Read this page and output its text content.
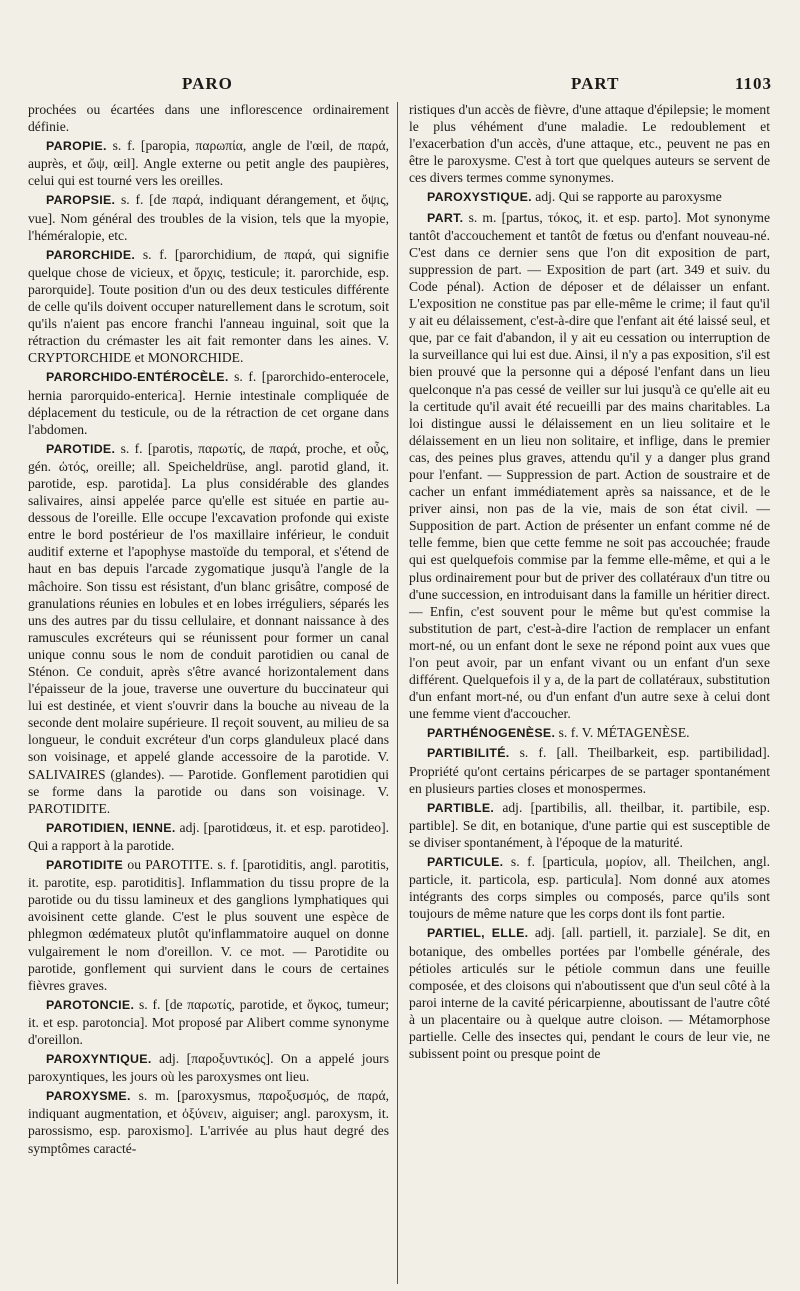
PARO	PART	1103

prochées ou écartées dans une inflorescence ordinairement définie.

PAROPIE. s. f. [paropia, παρωπία, angle de l'œil, de παρά, auprès, et ὤψ, œil]. Angle externe ou petit angle des paupières, celui qui est tourné vers les oreilles.

PAROPSIE. s. f. [de παρά, indiquant dérangement, et ὄψις, vue]. Nom général des troubles de la vision, tels que la myopie, l'héméralopie, etc.

PARORCHIDE. s. f. [parorchidium, de παρά, qui signifie quelque chose de vicieux, et ὄρχις, testicule; it. parorchide, esp. parorquide]. Toute position d'un ou des deux testicules différente de celle qu'ils doivent occuper naturellement dans le scrotum, soit qu'ils n'aient pas encore franchi l'anneau inguinal, soit que la rétraction du crémaster les ait fait remonter dans les aines. V. CRYPTORCHIDE et MONORCHIDE.

PARORCHIDO-ENTÉROCÈLE. s. f. [parorchido-enterocele, hernia parorquido-enterica]. Hernie intestinale compliquée de déplacement du testicule, ou de la rétraction de cet organe dans l'abdomen.

PAROTIDE. s. f. [parotis, παρωτίς, de παρά, proche, et οὖς, gén. ὠτός, oreille; all. Speicheldrüse, angl. parotid gland, it. parotide, esp. parotida]. La plus considérable des glandes salivaires, ainsi appelée parce qu'elle est située en partie au-dessous de l'oreille. Elle occupe l'excavation profonde qui existe entre le bord postérieur de l'os maxillaire inférieur, le conduit auditif externe et l'apophyse mastoïde du temporal, et s'étend de haut en bas depuis l'arcade zygomatique jusqu'à l'angle de la mâchoire. Son tissu est résistant, d'un blanc grisâtre, composé de granulations réunies en lobules et en lobes irréguliers, séparés les uns des autres par du tissu cellulaire, et donnant naissance à des ramuscules excréteurs qui se réunissent pour former un canal unique connu sous le nom de conduit parotidien ou canal de Sténon. Ce conduit, après s'être avancé horizontalement dans l'épaisseur de la joue, traverse une ouverture du buccinateur qui lui est destinée, et vient s'ouvrir dans la bouche au niveau de la seconde dent molaire supérieure. Il reçoit souvent, au milieu de sa longueur, le conduit excréteur d'un corps glanduleux placé dans son voisinage, et appelé glande accessoire de la parotide. V. SALIVAIRES (glandes). — Parotide. Gonflement parotidien qui se forme dans la parotide ou dans son voisinage. V. PAROTIDITE.

PAROTIDIEN, IENNE. adj. [parotidœus, it. et esp. parotideo]. Qui a rapport à la parotide.

PAROTIDITE ou PAROTITE. s. f. [parotiditis, angl. parotitis, it. parotite, esp. parotiditis]. Inflammation du tissu propre de la parotide ou du tissu lamineux et des ganglions lymphatiques qui avoisinent cette glande. C'est le plus souvent une espèce de phlegmon œdémateux plutôt qu'inflammatoire auquel on donne vulgairement le nom d'oreillon. V. ce mot. — Parotidite ou parotide, gonflement qui survient dans le cours de certaines fièvres graves.

PAROTONCIE. s. f. [de παρωτίς, parotide, et ὄγκος, tumeur; it. et esp. parotoncia]. Mot proposé par Alibert comme synonyme d'oreillon.

PAROXYNTIQUE. adj. [παροξυντικός]. On a appelé jours paroxyntiques, les jours où les paroxysmes ont lieu.

PAROXYSME. s. m. [paroxysmus, παροξυσμός, de παρά, indiquant augmentation, et ὀξύνειν, aiguiser; angl. paroxysm, it. parossismo, esp. paroxismo]. L'arrivée au plus haut degré des symptômes caracté-

ristiques d'un accès de fièvre, d'une attaque d'épilepsie; le moment le plus véhément d'une maladie. Le redoublement et l'exacerbation d'un accès, d'une attaque, etc., peuvent ne pas en être le paroxysme. C'est à tort que quelques auteurs se servent de ces divers termes comme synonymes.

PAROXYSTIQUE. adj. Qui se rapporte au paroxysme

PART. s. m. [partus, τόκος, it. et esp. parto]. Mot synonyme tantôt d'accouchement et tantôt de fœtus ou d'enfant nouveau-né. C'est dans ce dernier sens que l'on dit exposition de part, suppression de part. — Exposition de part (art. 349 et suiv. du Code pénal). Action de déposer et de délaisser un enfant. L'exposition ne constitue pas par elle-même le crime; il faut qu'il y ait eu délaissement, c'est-à-dire que l'enfant ait été laissé seul, et que, par ce fait d'abandon, il y ait eu cessation ou interruption de la surveillance qui lui est due. Ainsi, il n'y a pas exposition, s'il est bien prouvé que la personne qui a déposé l'enfant dans un lieu quelconque n'a pas cessé de veiller sur lui jusqu'à ce qu'elle ait eu la certitude qu'il avait été recueilli par des mains charitables. La loi distingue aussi le délaissement en un lieu solitaire et le délaissement en un lieu non solitaire, et inflige, dans le premier cas, des peines plus graves, attendu qu'il y a danger plus grand pour l'enfant. — Suppression de part. Action de soustraire et de cacher un enfant immédiatement après sa naissance, et de le priver ainsi, non pas de la vie, mais de son état civil. — Supposition de part. Action de présenter un enfant comme né de telle femme, bien que cette femme ne soit pas accouchée; fraude qui est quelquefois commise par la femme elle-même, et qui a le plus ordinairement pour but de priver des collatéraux d'un titre ou d'une succession, en introduisant dans la famille un héritier direct. — Enfin, c'est souvent pour le même but qu'est commise la substitution de part, c'est-à-dire l'action de remplacer un enfant mort-né, ou un enfant dont le sexe ne répond point aux vues que l'on peut avoir, par un enfant vivant ou un enfant d'un sexe différent. Quelquefois il y a, de la part de collatéraux, substitution d'un enfant mort-né, ou d'un enfant d'un autre sexe à celui dont une femme vient d'accoucher.

PARTHÉNOGENÈSE. s. f. V. MÉTAGENÈSE.

PARTIBILITÉ. s. f. [all. Theilbarkeit, esp. partibilidad]. Propriété qu'ont certains péricarpes de se partager spontanément en plusieurs parties closes et monospermes.

PARTIBLE. adj. [partibilis, all. theilbar, it. partibile, esp. partible]. Se dit, en botanique, d'une partie qui est susceptible de se diviser spontanément, à l'époque de la maturité.

PARTICULE. s. f. [particula, μορίον, all. Theilchen, angl. particle, it. particola, esp. particula]. Nom donné aux atomes intégrants des corps simples ou composés, parce qu'ils sont toujours de même nature que les corps dont ils font partie.

PARTIEL, ELLE. adj. [all. partiell, it. parziale]. Se dit, en botanique, des ombelles portées par l'ombelle générale, des pétioles articulés sur le pétiole commun dans une feuille composée, et des cloisons qui n'aboutissent que d'un seul côté à la paroi interne de la cavité péricarpienne, aboutissant de l'autre côté à un placentaire ou à quelque autre cloison. — Métamorphose partielle. Celle des insectes qui, pendant le cours de leur vie, ne subissent point ou presque point de
